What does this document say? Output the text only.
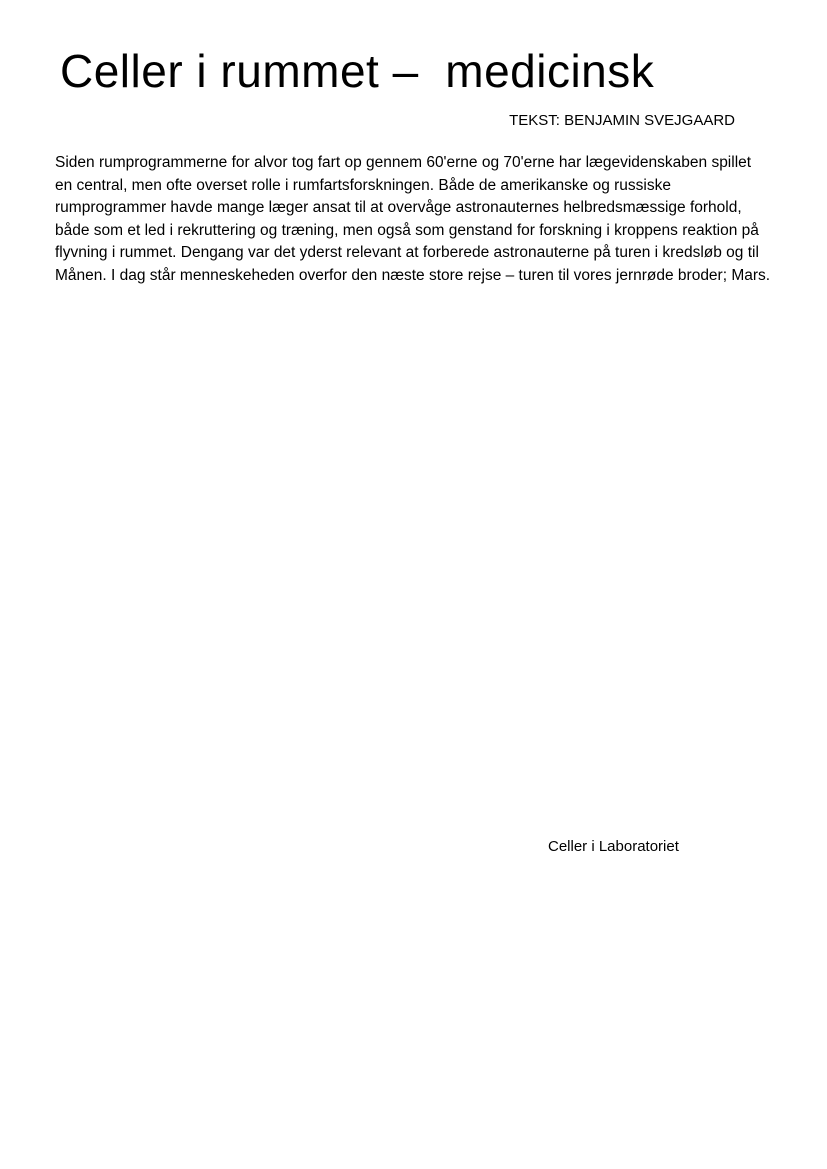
Celler i rummet –  medicinsk
TEKST: BENJAMIN SVEJGAARD

Siden rumprogrammerne for alvor tog fart op gennem 60'erne og 70'erne har lægevidenskaben spillet en central, men ofte overset rolle i rumfartsforskningen. Både de amerikanske og russiske rumprogrammer havde mange læger ansat til at overvåge astronauternes helbredsmæssige forhold, både som et led i rekruttering og træning, men også som genstand for forskning i kroppens reaktion på flyvning i rummet. Dengang var det yderst relevant at forberede astronauterne på turen i kredsløb og til Månen. I dag står menneskeheden overfor den næste store rejse – turen til vores jernrøde broder; Mars.

Celler i Laboratoriet
